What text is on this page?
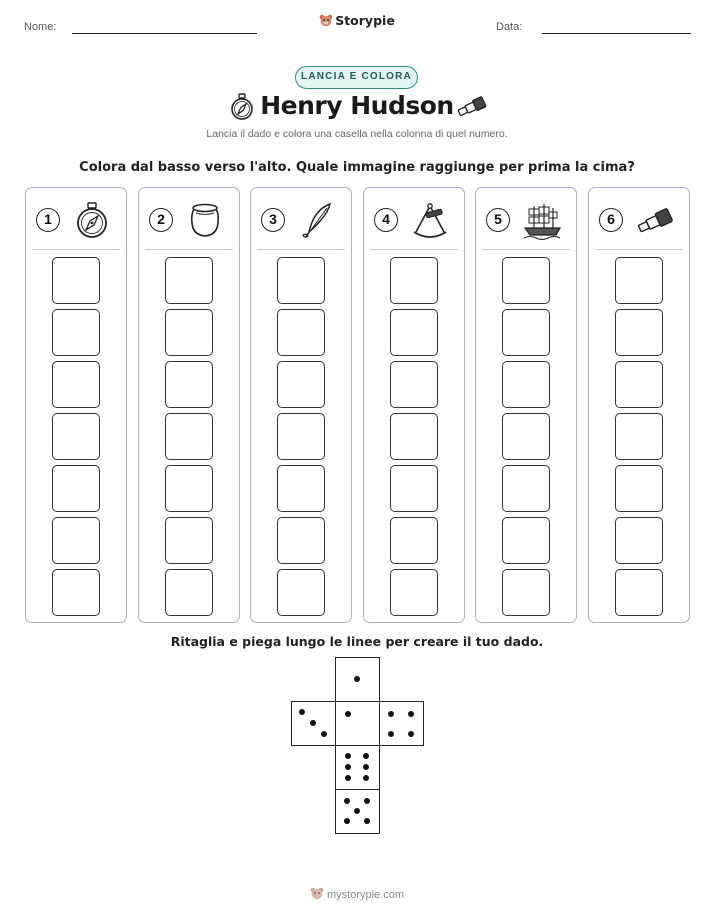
Nome:	Data:
Storypie
LANCIA E COLORA
Henry Hudson
Lancia il dado e colora una casella nella colonna di quel numero.
Colora dal basso verso l'alto. Quale immagine raggiunge per prima la cima?
1	2	3	4	5	6
Ritaglia e piega lungo le linee per creare il tuo dado.
mystorypie.com
